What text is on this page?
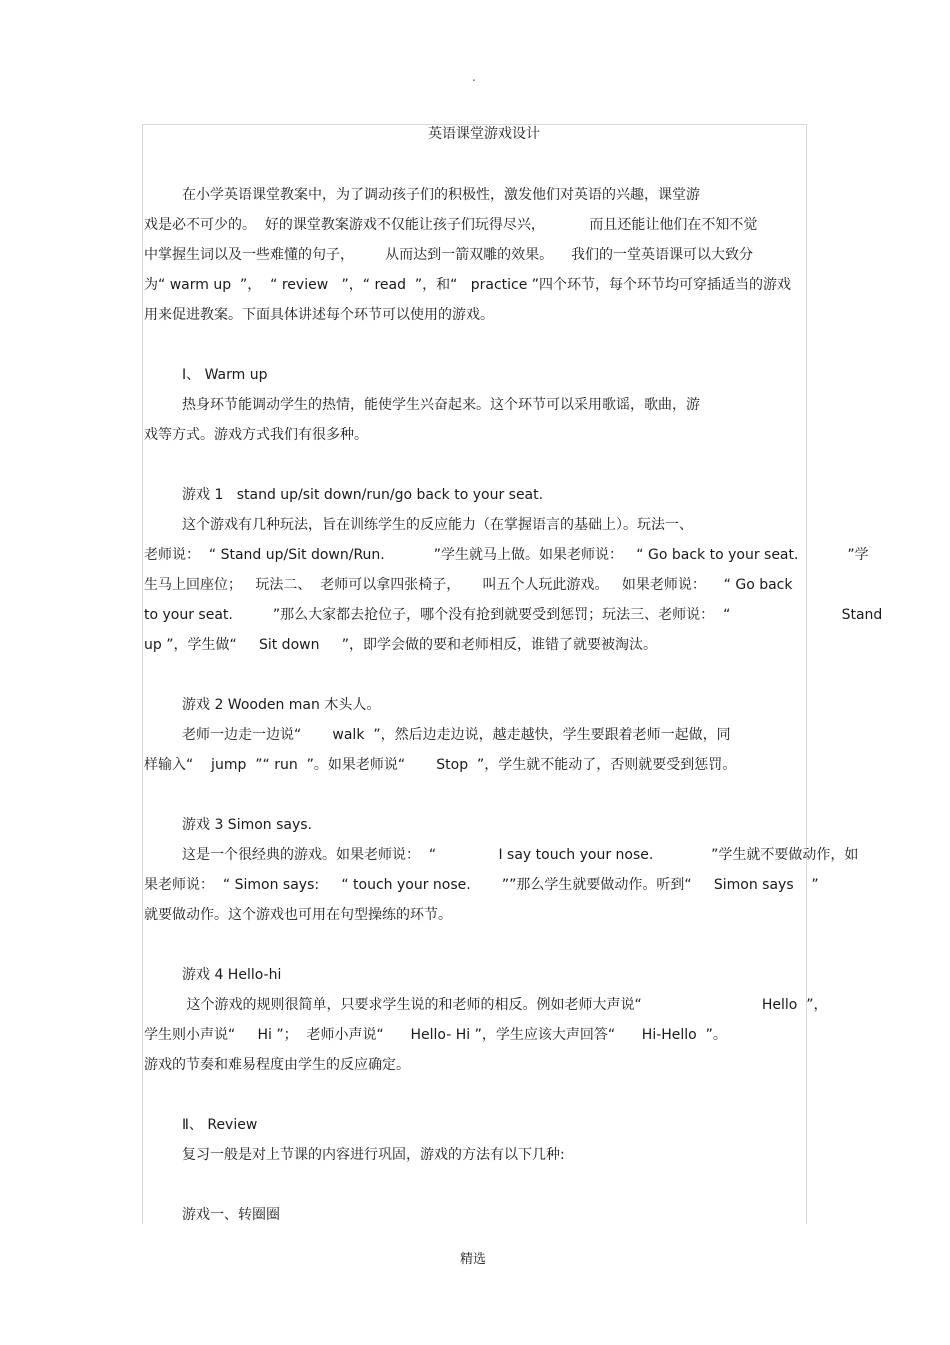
.
英语课堂游戏设计
在小学英语课堂教案中，为了调动孩子们的积极性，激发他们对英语的兴趣，课堂游
戏是必不可少的。  好的课堂教案游戏不仅能让孩子们玩得尽兴，          而且还能让他们在不知不觉
中掌握生词以及一些难懂的句子，       从而达到一箭双雕的效果。    我们的一堂英语课可以大致分
为“ warm up  ”，  “ review   ”，“ read  ”，和“   practice ”四个环节，每个环节均可穿插适当的游戏
用来促进教案。下面具体讲述每个环节可以使用的游戏。
Ⅰ、 Warm up
热身环节能调动学生的热情，能使学生兴奋起来。这个环节可以采用歌谣，歌曲，游
戏等方式。游戏方式我们有很多种。
游戏 1   stand up/sit down/run/go back to your seat.
这个游戏有几种玩法，旨在训练学生的反应能力（在掌握语言的基础上）。玩法一、
老师说：  “ Stand up/Sit down/Run.           ”学生就马上做。如果老师说：   “ Go back to your seat.           ”学
生马上回座位；   玩法二、  老师可以拿四张椅子，     叫五个人玩此游戏。   如果老师说：    “ Go back
to your seat.         ”那么大家都去抢位子，哪个没有抢到就要受到惩罚；玩法三、老师说：  “                         Stand
up ”，学生做“     Sit down     ”，即学会做的要和老师相反，谁错了就要被淘汰。
游戏 2 Wooden man 木头人。
老师一边走一边说“       walk  ”，然后边走边说，越走越快，学生要跟着老师一起做，同
样输入“    jump  ”“ run  ”。如果老师说“       Stop  ”，学生就不能动了，否则就要受到惩罚。
游戏 3 Simon says.
这是一个很经典的游戏。如果老师说：  “              I say touch your nose.             ”学生就不要做动作，如
果老师说：  “ Simon says:     “ touch your nose.       ””那么学生就要做动作。听到“     Simon says    ”
就要做动作。这个游戏也可用在句型操练的环节。
游戏 4 Hello-hi
这个游戏的规则很简单，只要求学生说的和老师的相反。例如老师大声说“                           Hello  ”，
学生则小声说“     Hi ”；  老师小声说“      Hello- Hi ”，学生应该大声回答“      Hi-Hello  ”。
游戏的节奏和难易程度由学生的反应确定。
Ⅱ、 Review
复习一般是对上节课的内容进行巩固，游戏的方法有以下几种:
游戏一、转圈圈
精选
